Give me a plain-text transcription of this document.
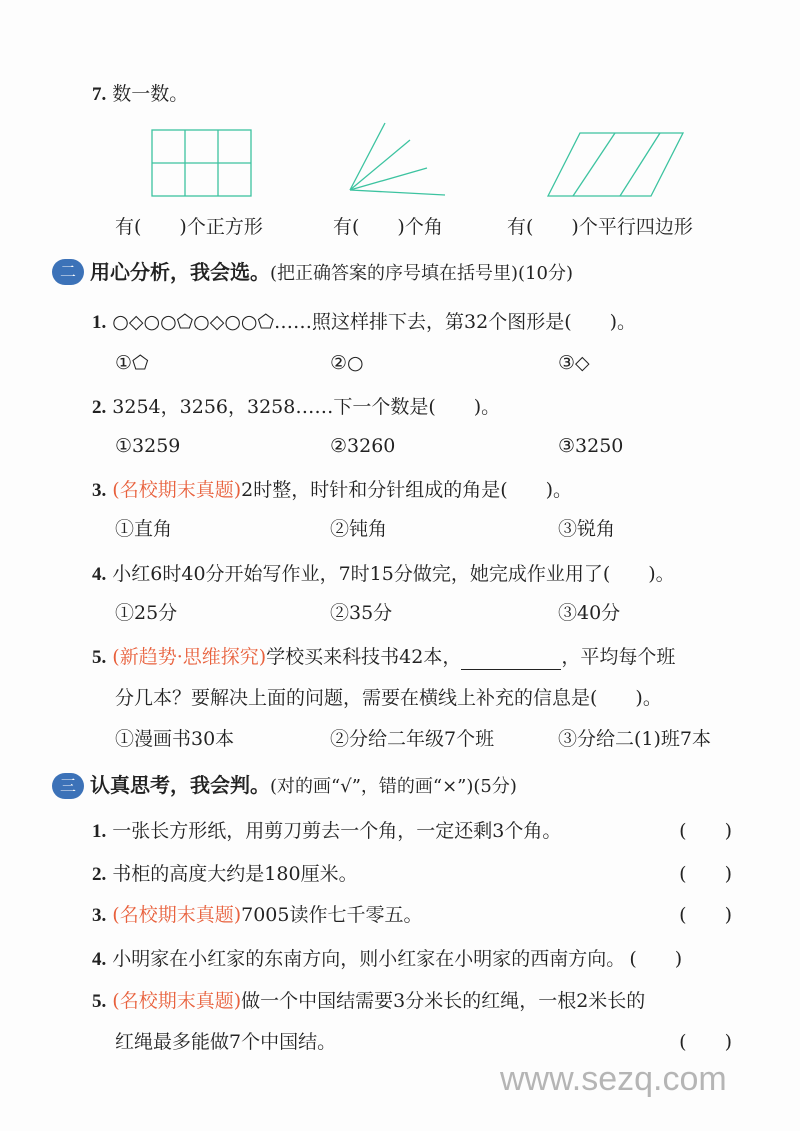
7. 数一数。
有(　　)个正方形	有(　　)个角	有(　　)个平行四边形
二 用心分析，我会选。(把正确答案的序号填在括号里)(10分)
1. ○◇○○⬠○◇○○⬠……照这样排下去，第32个图形是(　　)。
①⬠	②○	③◇
2. 3254，3256，3258……下一个数是(　　)。
①3259	②3260	③3250
3. (名校期末真题)2时整，时针和分针组成的角是(　　)。
①直角	②钝角	③锐角
4. 小红6时40分开始写作业，7时15分做完，她完成作业用了(　　)。
①25分	②35分	③40分
5. (新趋势·思维探究)学校买来科技书42本，	，平均每个班
分几本？要解决上面的问题，需要在横线上补充的信息是(　　)。
①漫画书30本	②分给二年级7个班	③分给二(1)班7本
三 认真思考，我会判。(对的画“√”，错的画“×”)(5分)
1. 一张长方形纸，用剪刀剪去一个角，一定还剩3个角。	(　　)
2. 书柜的高度大约是180厘米。	(　　)
3. (名校期末真题)7005读作七千零五。	(　　)
4. 小明家在小红家的东南方向，则小红家在小明家的西南方向。 (　　)
5. (名校期末真题)做一个中国结需要3分米长的红绳，一根2米长的
红绳最多能做7个中国结。	(　　)
www.sezq.com
